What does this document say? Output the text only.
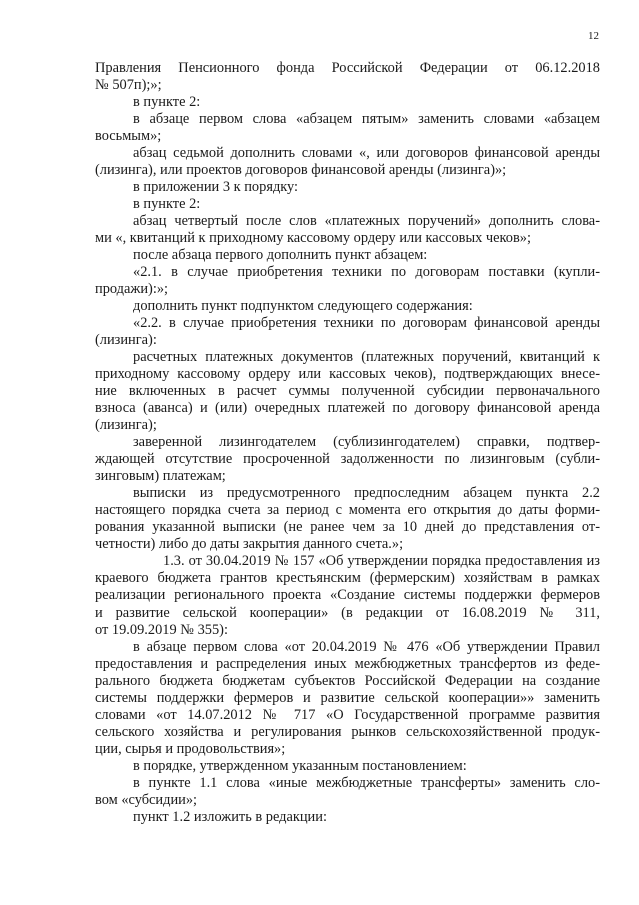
12
Правления Пенсионного фонда Российской Федерации от 06.12.2018
№ 507п);»;
в пункте 2:
в абзаце первом слова «абзацем пятым» заменить словами «абзацем
восьмым»;
абзац седьмой дополнить словами «, или договоров финансовой аренды
(лизинга), или проектов договоров финансовой аренды (лизинга)»;
в приложении 3 к порядку:
в пункте 2:
абзац четвертый после слов «платежных поручений» дополнить слова-
ми «, квитанций к приходному кассовому ордеру или кассовых чеков»;
после абзаца первого дополнить пункт абзацем:
«2.1. в случае приобретения техники по договорам поставки (купли-
продажи):»;
дополнить пункт подпунктом следующего содержания:
«2.2. в случае приобретения техники по договорам финансовой аренды
(лизинга):
расчетных платежных документов (платежных поручений, квитанций к
приходному кассовому ордеру или кассовых чеков), подтверждающих внесе-
ние включенных в расчет суммы полученной субсидии первоначального
взноса (аванса) и (или) очередных платежей по договору финансовой аренда
(лизинга);
заверенной лизингодателем (сублизингодателем) справки, подтвер-
ждающей отсутствие просроченной задолженности по лизинговым (субли-
зинговым) платежам;
выписки из предусмотренного предпоследним абзацем пункта 2.2
настоящего порядка счета за период с момента его открытия до даты форми-
рования указанной выписки (не ранее чем за 10 дней до представления от-
четности) либо до даты закрытия данного счета.»;
1.3. от 30.04.2019 № 157 «Об утверждении порядка предоставления из
краевого бюджета грантов крестьянским (фермерским) хозяйствам в рамках
реализации регионального проекта «Создание системы поддержки фермеров
и развитие сельской кооперации» (в редакции от 16.08.2019 № 311,
от 19.09.2019 № 355):
в абзаце первом слова «от 20.04.2019 № 476 «Об утверждении Правил
предоставления и распределения иных межбюджетных трансфертов из феде-
рального бюджета бюджетам субъектов Российской Федерации на создание
системы поддержки фермеров и развитие сельской кооперации»» заменить
словами «от 14.07.2012 № 717 «О Государственной программе развития
сельского хозяйства и регулирования рынков сельскохозяйственной продук-
ции, сырья и продовольствия»;
в порядке, утвержденном указанным постановлением:
в пункте 1.1 слова «иные межбюджетные трансферты» заменить сло-
вом «субсидии»;
пункт 1.2 изложить в редакции:
